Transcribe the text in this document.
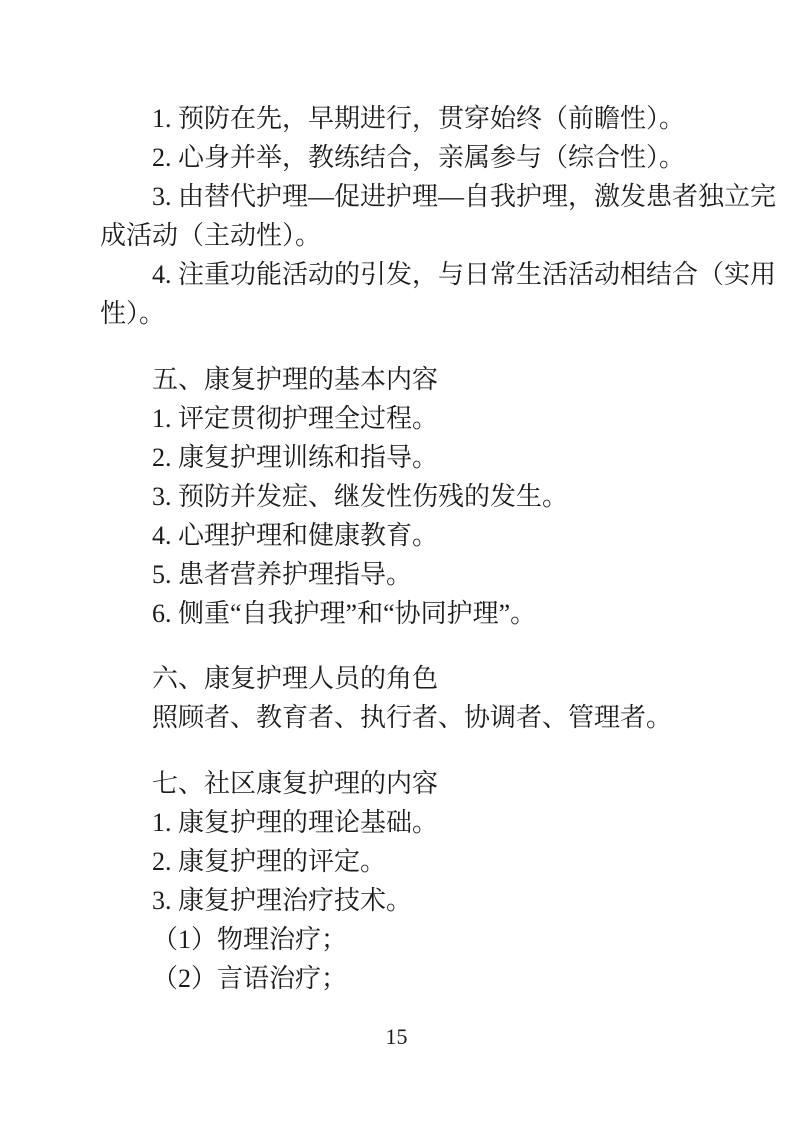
1. 预防在先，早期进行，贯穿始终（前瞻性）。
2. 心身并举，教练结合，亲属参与（综合性）。
3. 由替代护理—促进护理—自我护理，激发患者独立完
成活动（主动性）。
4. 注重功能活动的引发，与日常生活活动相结合（实用
性）。
五、康复护理的基本内容
1. 评定贯彻护理全过程。
2. 康复护理训练和指导。
3. 预防并发症、继发性伤残的发生。
4. 心理护理和健康教育。
5. 患者营养护理指导。
6. 侧重“自我护理”和“协同护理”。
六、康复护理人员的角色
照顾者、教育者、执行者、协调者、管理者。
七、社区康复护理的内容
1. 康复护理的理论基础。
2. 康复护理的评定。
3. 康复护理治疗技术。
（1）物理治疗；
（2）言语治疗；
15
